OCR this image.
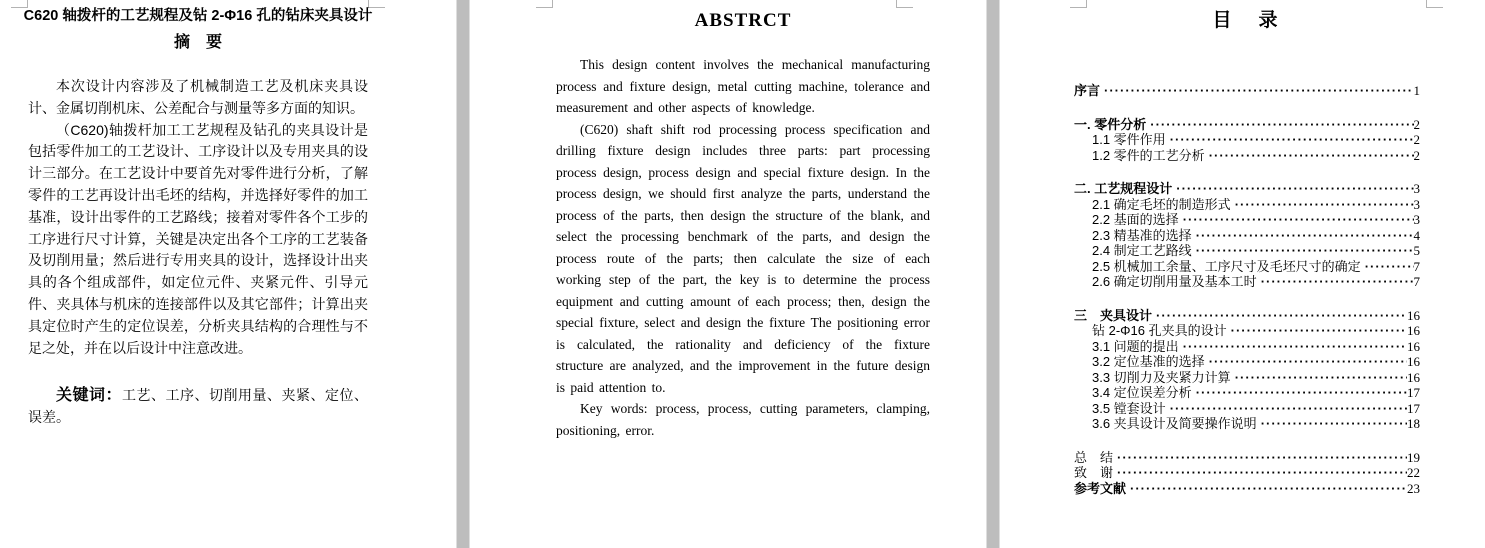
C620 轴拨杆的工艺规程及钻 2-Φ16 孔的钻床夹具设计
摘　要

本次设计内容涉及了机械制造工艺及机床夹具设计、金属切削机床、公差配合与测量等多方面的知识。

（C620)轴拨杆加工工艺规程及钻孔的夹具设计是包括零件加工的工艺设计、工序设计以及专用夹具的设计三部分。在工艺设计中要首先对零件进行分析，了解零件的工艺再设计出毛坯的结构，并选择好零件的加工基准，设计出零件的工艺路线；接着对零件各个工步的工序进行尺寸计算，关键是决定出各个工序的工艺装备及切削用量；然后进行专用夹具的设计，选择设计出夹具的各个组成部件，如定位元件、夹紧元件、引导元件、夹具体与机床的连接部件以及其它部件；计算出夹具定位时产生的定位误差，分析夹具结构的合理性与不足之处，并在以后设计中注意改进。

关键词：工艺、工序、切削用量、夹紧、定位、误差。
ABSTRCT

This design content involves the mechanical manufacturing process and fixture design, metal cutting machine, tolerance and measurement and other aspects of knowledge.

(C620) shaft shift rod processing process specification and drilling fixture design includes three parts: part processing process design, process design and special fixture design. In the process design, we should first analyze the parts, understand the process of the parts, then design the structure of the blank, and select the processing benchmark of the parts, and design the process route of the parts; then calculate the size of each working step of the part, the key is to determine the process equipment and cutting amount of each process; then, design the special fixture, select and design the fixture The positioning error is calculated, the rationality and deficiency of the fixture structure are analyzed, and the improvement in the future design is paid attention to.

Key words: process, process, cutting parameters, clamping, positioning, error.

目　录
序言 ·····	1
一. 零件分析 ·····	2
1.1 零件作用 ·····	2
1.2 零件的工艺分析 ·····	2
二. 工艺规程设计 ·····	3
2.1 确定毛坯的制造形式 ·····	3
2.2 基面的选择 ·····	3
2.3 精基准的选择 ·····	4
2.4 制定工艺路线 ·····	5
2.5 机械加工余量、工序尺寸及毛坯尺寸的确定 ·····	7
2.6 确定切削用量及基本工时 ·····	7
三　夹具设计 ·····	16
钻 2-Φ16 孔夹具的设计 ·····	16
3.1 问题的提出 ·····	16
3.2 定位基准的选择 ·····	16
3.3 切削力及夹紧力计算 ·····	16
3.4 定位误差分析 ·····	17
3.5 镗套设计 ·····	17
3.6 夹具设计及简要操作说明 ·····	18
总　结 ·····	19
致　谢 ·····	22
参考文献 ·····	23
